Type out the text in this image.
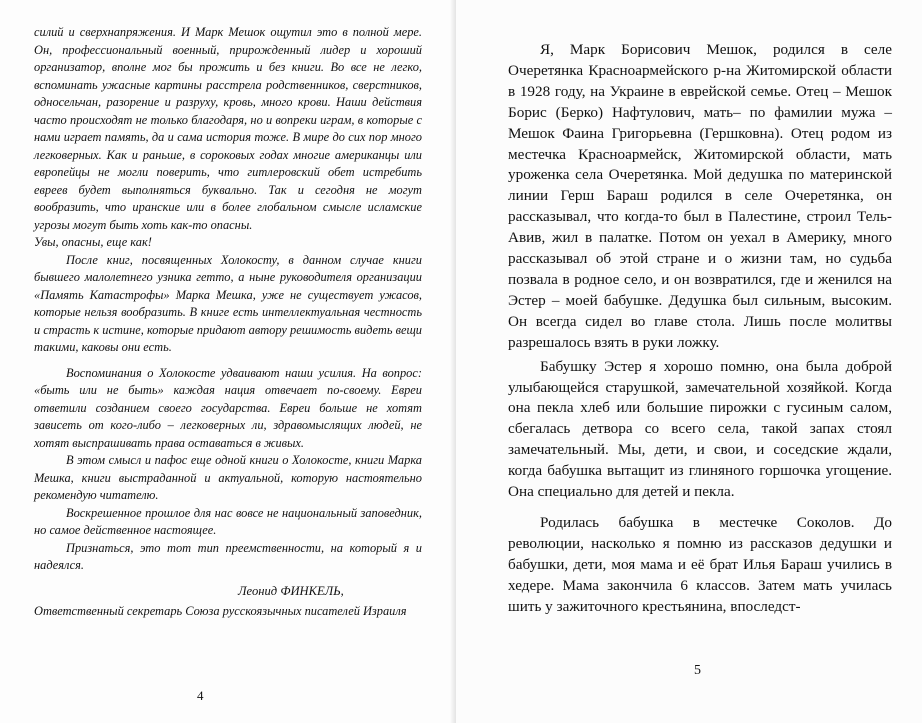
силий и сверхнапряжения. И Марк Мешок ощутил это в полной мере. Он, профессиональный военный, прирожденный лидер и хороший организатор, вполне мог бы прожить и без книги. Во все не легко, вспоминать ужасные картины расстрела родственников, сверстников, односельчан, разорение и разруху, кровь, много крови. Наши действия часто происходят не только благодаря, но и вопреки играм, в которые с нами играет память, да и сама история тоже. В мире до сих пор много легковерных. Как и раньше, в сороковых годах многие американцы или европейцы не могли поверить, что гитлеровский обет истребить евреев будет выполняться буквально. Так и сегодня не могут вообразить, что иранские или в более глобальном смысле исламские угрозы могут быть хоть как-то опасны.

Увы, опасны, еще как!

После книг, посвященных Холокосту, в данном случае книги бывшего малолетнего узника гетто, а ныне руководителя организации «Память Катастрофы» Марка Мешка, уже не существует ужасов, которые нельзя вообразить. В книге есть интеллектуальная честность и страсть к истине, которые придают автору решимость видеть вещи такими, каковы они есть.

Воспоминания о Холокосте удваивают наши усилия. На вопрос: «быть или не быть» каждая нация отвечает по-своему. Евреи ответили созданием своего государства. Евреи больше не хотят зависеть от кого-либо – легковерных ли, здравомыслящих людей, не хотят выспрашивать права оставаться в живых.

В этом смысл и пафос еще одной книги о Холокосте, книги Марка Мешка, книги выстраданной и актуальной, которую настоятельно рекомендую читателю.

Воскрешенное прошлое для нас вовсе не национальный заповедник, но самое действенное настоящее.

Признаться, это тот тип преемственности, на который я и надеялся.

Леонид ФИНКЕЛЬ,

Ответственный секретарь Союза русскоязычных писателей Израиля

4

Я, Марк Борисович Мешок, родился в селе Очеретянка Красноармейского р-на Житомирской области в 1928 году, на Украине в еврейской семье. Отец – Мешок Борис (Берко) Нафтулович, мать– по фамилии мужа – Мешок Фаина Григорьевна (Гершковна). Отец родом из местечка Красноармейск, Житомирской области, мать уроженка села Очеретянка. Мой дедушка по материнской линии Герш Бараш родился в селе Очеретянка, он рассказывал, что когда-то был в Палестине, строил Тель-Авив, жил в палатке. Потом он уехал в Америку, много рассказывал об этой стране и о жизни там, но судьба позвала в родное село, и он возвратился, где и женился на Эстер – моей бабушке. Дедушка был сильным, высоким. Он всегда сидел во главе стола. Лишь после молитвы разрешалось взять в руки ложку.

Бабушку Эстер я хорошо помню, она была доброй улыбающейся старушкой, замечательной хозяйкой. Когда она пекла хлеб или большие пирожки с гусиным салом, сбегалась детвора со всего села, такой запах стоял замечательный. Мы, дети, и свои, и соседские ждали, когда бабушка вытащит из глиняного горшочка угощение. Она специально для детей и пекла.

Родилась бабушка в местечке Соколов. До революции, насколько я помню из рассказов дедушки и бабушки, дети, моя мама и её брат Илья Бараш учились в хедере. Мама закончила 6 классов. Затем мать училась шить у зажиточного крестьянина, впоследст-

5
